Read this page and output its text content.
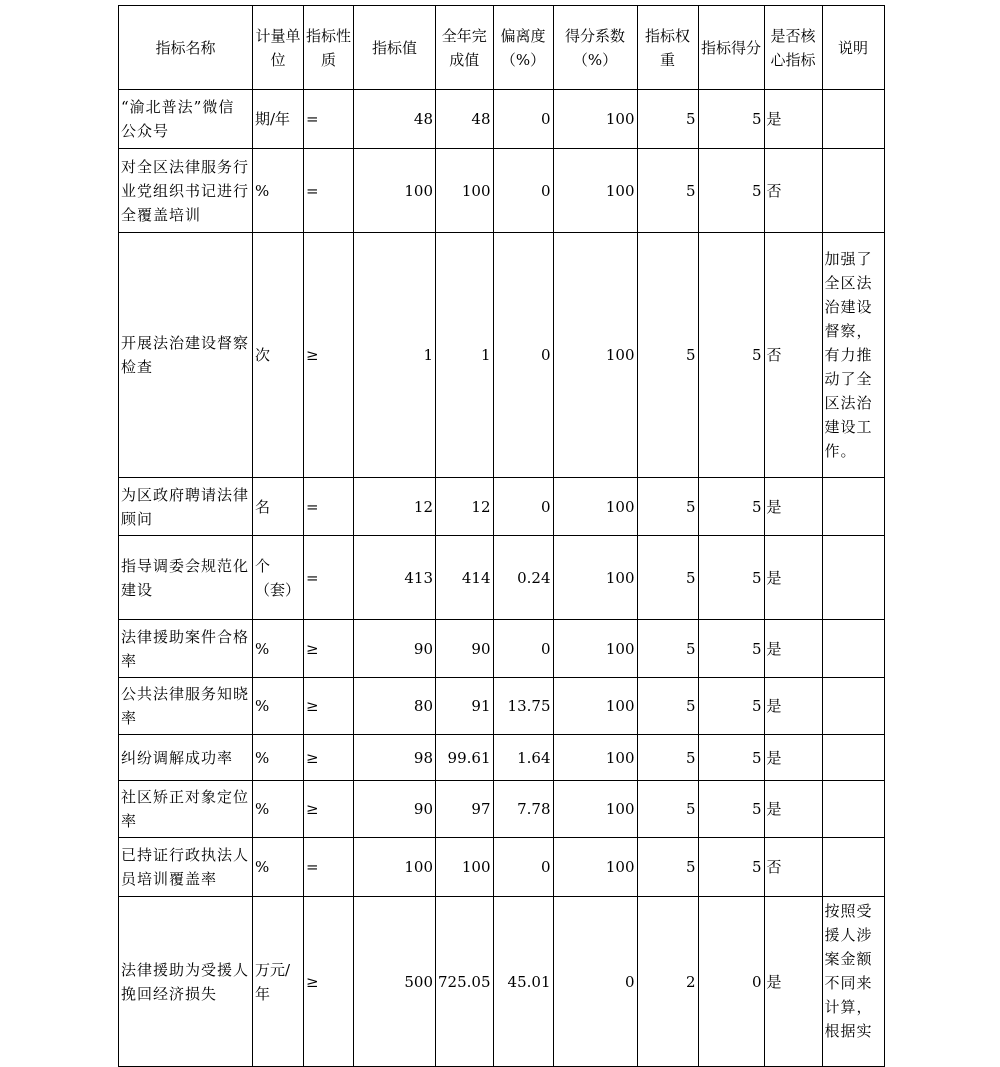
指标名称	计量单位	指标性质	指标值	全年完成值	偏离度（%）	得分系数（%）	指标权重	指标得分	是否核心指标	说明
“渝北普法”微信公众号	期/年	=	48	48	0	100	5	5	是	
对全区法律服务行业党组织书记进行全覆盖培训	%	=	100	100	0	100	5	5	否	
开展法治建设督察检查	次	≥	1	1	0	100	5	5	否	加强了全区法治建设督察，有力推动了全区法治建设工作。
为区政府聘请法律顾问	名	=	12	12	0	100	5	5	是	
指导调委会规范化建设	个（套）	=	413	414	0.24	100	5	5	是	
法律援助案件合格率	%	≥	90	90	0	100	5	5	是	
公共法律服务知晓率	%	≥	80	91	13.75	100	5	5	是	
纠纷调解成功率	%	≥	98	99.61	1.64	100	5	5	是	
社区矫正对象定位率	%	≥	90	97	7.78	100	5	5	是	
已持证行政执法人员培训覆盖率	%	=	100	100	0	100	5	5	否	
法律援助为受援人挽回经济损失	万元/年	≥	500	725.05	45.01	0	2	0	是	按照受援人涉案金额不同来计算，根据实
